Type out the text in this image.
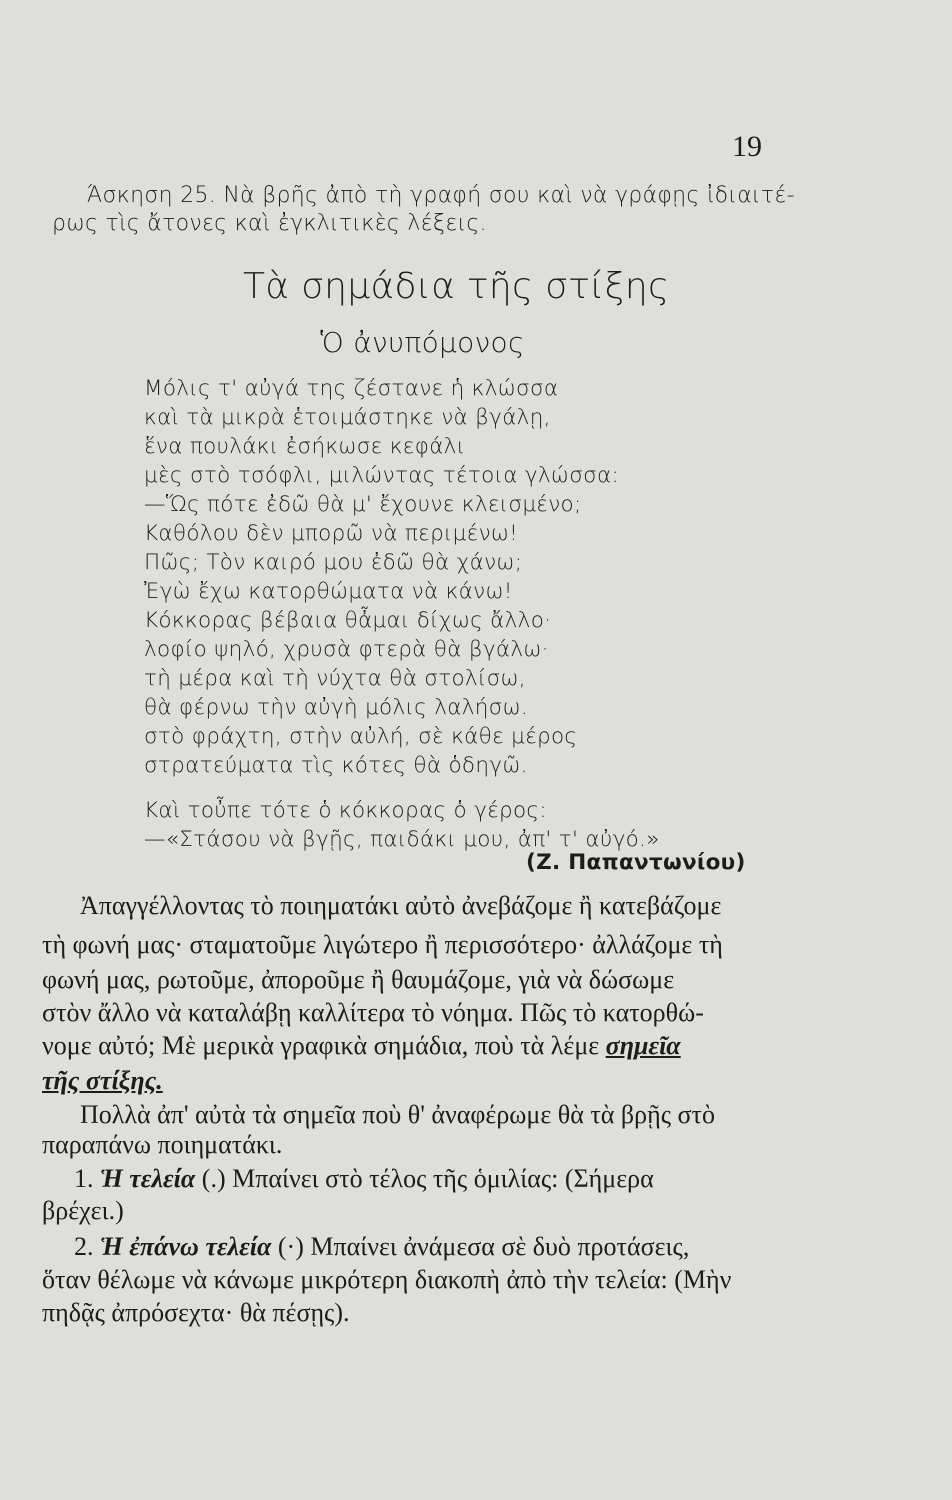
19
Άσκηση 25. Νὰ βρῆς ἀπὸ τὴ γραφή σου καὶ νὰ γράφῃς ἰδιαιτέ-
ρως τὶς ἄτονες καὶ ἐγκλιτικὲς λέξεις.
Τὰ σημάδια τῆς στίξης
Ὁ ἀνυπόμονος
Μόλις τ' αὐγά της ζέστανε ἡ κλώσσα
καὶ τὰ μικρὰ ἑτοιμάστηκε νὰ βγάλῃ,
ἕνα πουλάκι ἐσήκωσε κεφάλι
μὲς στὸ τσόφλι, μιλώντας τέτοια γλώσσα:
—Ὥς πότε ἐδῶ θὰ μ' ἔχουνε κλεισμένο;
Καθόλου δὲν μπορῶ νὰ περιμένω!
Πῶς; Τὸν καιρό μου ἐδῶ θὰ χάνω;
Ἐγὼ ἔχω κατορθώματα νὰ κάνω!
Κόκκορας βέβαια θἆμαι δίχως ἄλλο·
λοφίο ψηλό, χρυσὰ φτερὰ θὰ βγάλω·
τὴ μέρα καὶ τὴ νύχτα θὰ στολίσω,
θὰ φέρνω τὴν αὐγὴ μόλις λαλήσω.
στὸ φράχτη, στὴν αὐλή, σὲ κάθε μέρος
στρατεύματα τὶς κότες θὰ ὁδηγῶ.
Καὶ τοὖπε τότε ὁ κόκκορας ὁ γέρος:
—«Στάσου νὰ βγῇς, παιδάκι μου, ἀπ' τ' αὐγό.»
(Ζ. Παπαντωνίου)
Ἀπαγγέλλοντας τὸ ποιηματάκι αὐτὸ ἀνεβάζομε ἢ κατεβάζομε
τὴ φωνή μας· σταματοῦμε λιγώτερο ἢ περισσότερο· ἀλλάζομε τὴ
φωνή μας, ρωτοῦμε, ἀποροῦμε ἢ θαυμάζομε, γιὰ νὰ δώσωμε
στὸν ἄλλο νὰ καταλάβῃ καλλίτερα τὸ νόημα. Πῶς τὸ κατορθώ-
νομε αὐτό; Μὲ μερικὰ γραφικὰ σημάδια, ποὺ τὰ λέμε σημεῖα
τῆς στίξης.
Πολλὰ ἀπ' αὐτὰ τὰ σημεῖα ποὺ θ' ἀναφέρωμε θὰ τὰ βρῇς στὸ
παραπάνω ποιηματάκι.
1. Ἡ τελεία (.) Μπαίνει στὸ τέλος τῆς ὁμιλίας: (Σήμερα
βρέχει.)
2. Ἡ ἐπάνω τελεία (·) Μπαίνει ἀνάμεσα σὲ δυὸ προτάσεις,
ὅταν θέλωμε νὰ κάνωμε μικρότερη διακοπὴ ἀπὸ τὴν τελεία: (Μὴν
πηδᾷς ἀπρόσεχτα· θὰ πέσῃς).
